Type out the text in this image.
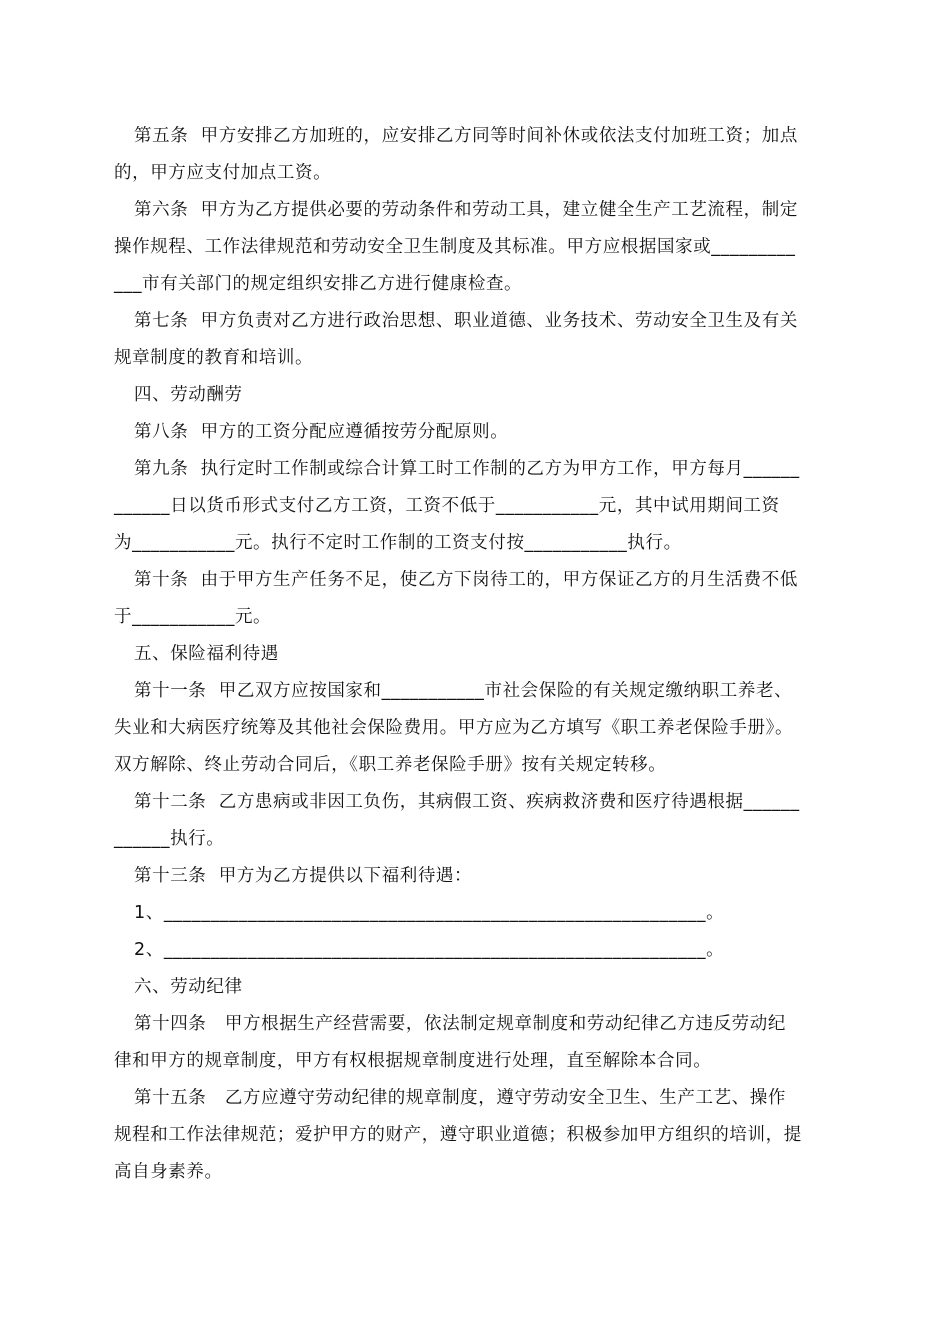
第五条  甲方安排乙方加班的，应安排乙方同等时间补休或依法支付加班工资；加点
的，甲方应支付加点工资。
第六条  甲方为乙方提供必要的劳动条件和劳动工具，建立健全生产工艺流程，制定
操作规程、工作法律规范和劳动安全卫生制度及其标准。甲方应根据国家或_________
___市有关部门的规定组织安排乙方进行健康检查。
第七条  甲方负责对乙方进行政治思想、职业道德、业务技术、劳动安全卫生及有关
规章制度的教育和培训。
四、劳动酬劳
第八条  甲方的工资分配应遵循按劳分配原则。
第九条  执行定时工作制或综合计算工时工作制的乙方为甲方工作，甲方每月______
______日以货币形式支付乙方工资，工资不低于___________元，其中试用期间工资
为___________元。执行不定时工作制的工资支付按___________执行。
第十条  由于甲方生产任务不足，使乙方下岗待工的，甲方保证乙方的月生活费不低
于___________元。
五、保险福利待遇
第十一条  甲乙双方应按国家和___________市社会保险的有关规定缴纳职工养老、
失业和大病医疗统筹及其他社会保险费用。甲方应为乙方填写《职工养老保险手册》。
双方解除、终止劳动合同后，《职工养老保险手册》按有关规定转移。
第十二条  乙方患病或非因工负伤，其病假工资、疾病救济费和医疗待遇根据______
______执行。
第十三条  甲方为乙方提供以下福利待遇：
1、__________________________________________________________。
2、__________________________________________________________。
六、劳动纪律
第十四条   甲方根据生产经营需要，依法制定规章制度和劳动纪律乙方违反劳动纪
律和甲方的规章制度，甲方有权根据规章制度进行处理，直至解除本合同。
第十五条   乙方应遵守劳动纪律的规章制度，遵守劳动安全卫生、生产工艺、操作
规程和工作法律规范；爱护甲方的财产，遵守职业道德；积极参加甲方组织的培训，提
高自身素养。
